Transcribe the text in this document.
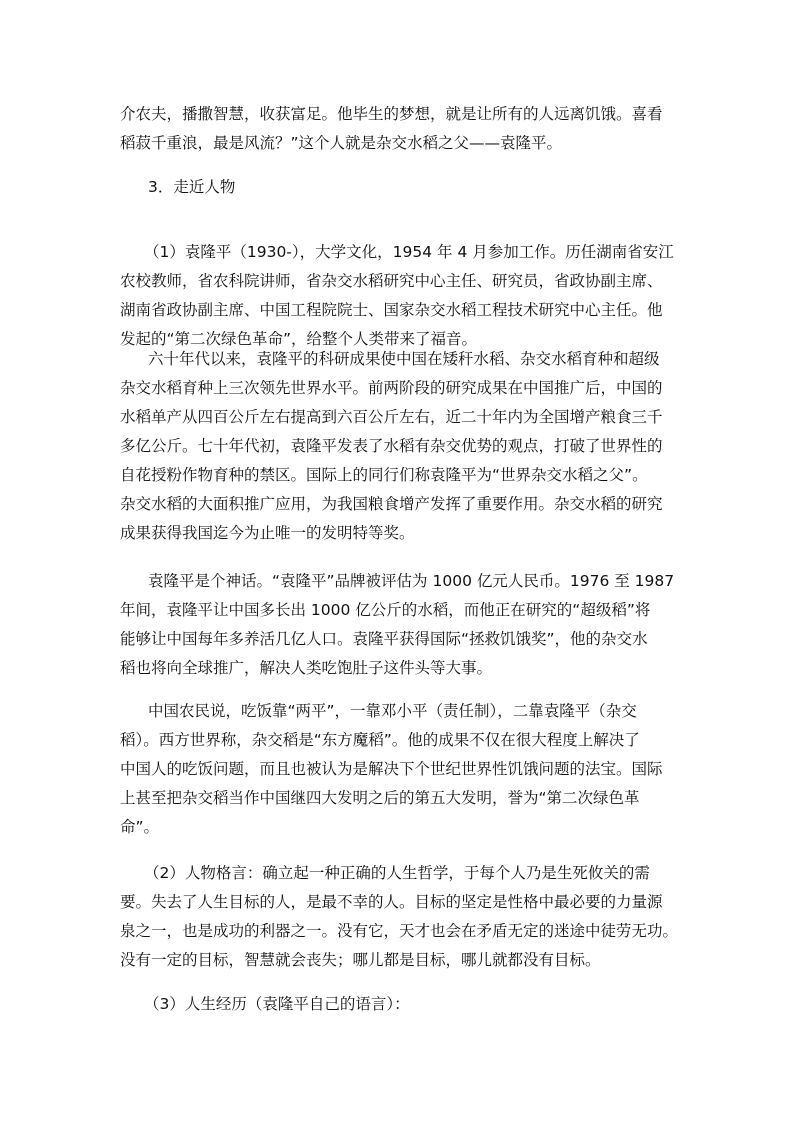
介农夫，播撒智慧，收获富足。他毕生的梦想，就是让所有的人远离饥饿。喜看
稻菽千重浪，最是风流？”这个人就是杂交水稻之父——袁隆平。
3．走近人物
（1）袁隆平（1930-），大学文化，1954 年 4 月参加工作。历任湖南省安江
农校教师，省农科院讲师，省杂交水稻研究中心主任、研究员，省政协副主席、
湖南省政协副主席、中国工程院院士、国家杂交水稻工程技术研究中心主任。他
发起的“第二次绿色革命”，给整个人类带来了福音。
六十年代以来，袁隆平的科研成果使中国在矮秆水稻、杂交水稻育种和超级
杂交水稻育种上三次领先世界水平。前两阶段的研究成果在中国推广后，中国的
水稻单产从四百公斤左右提高到六百公斤左右，近二十年内为全国增产粮食三千
多亿公斤。七十年代初，袁隆平发表了水稻有杂交优势的观点，打破了世界性的
自花授粉作物育种的禁区。国际上的同行们称袁隆平为“世界杂交水稻之父”。
杂交水稻的大面积推广应用，为我国粮食增产发挥了重要作用。杂交水稻的研究
成果获得我国迄今为止唯一的发明特等奖。
袁隆平是个神话。“袁隆平”品牌被评估为 1000 亿元人民币。1976 至 1987
年间，袁隆平让中国多长出 1000 亿公斤的水稻，而他正在研究的“超级稻”将
能够让中国每年多养活几亿人口。袁隆平获得国际“拯救饥饿奖”，他的杂交水
稻也将向全球推广，解决人类吃饱肚子这件头等大事。
中国农民说，吃饭靠“两平”，一靠邓小平（责任制），二靠袁隆平（杂交
稻）。西方世界称，杂交稻是“东方魔稻”。他的成果不仅在很大程度上解决了
中国人的吃饭问题，而且也被认为是解决下个世纪世界性饥饿问题的法宝。国际
上甚至把杂交稻当作中国继四大发明之后的第五大发明，誉为“第二次绿色革
命”。
（2）人物格言：确立起一种正确的人生哲学，于每个人乃是生死攸关的需
要。失去了人生目标的人，是最不幸的人。目标的坚定是性格中最必要的力量源
泉之一，也是成功的利器之一。没有它，天才也会在矛盾无定的迷途中徒劳无功。
没有一定的目标，智慧就会丧失；哪儿都是目标，哪儿就都没有目标。
（3）人生经历（袁隆平自己的语言）：
